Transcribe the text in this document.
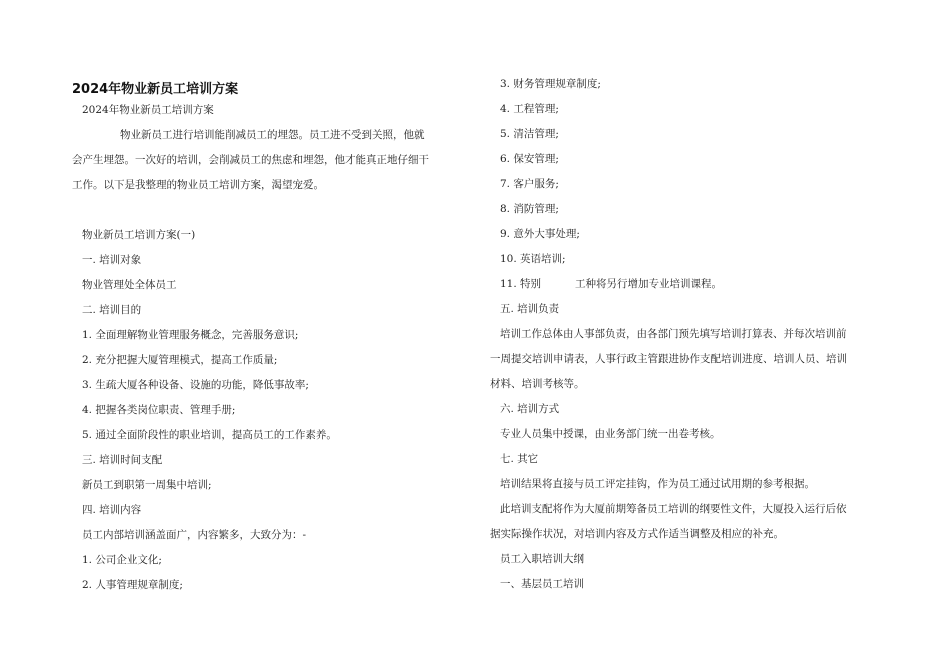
2024年物业新员工培训方案
2024年物业新员工培训方案
物业新员工进行培训能削减员工的埋怨。员工进不受到关照，他就
会产生埋怨。一次好的培训，会削减员工的焦虑和埋怨，他才能真正地仔细干
工作。以下是我整理的物业员工培训方案，渴望宠爱。
物业新员工培训方案(一)
一. 培训对象
物业管理处全体员工
二. 培训目的
1. 全面理解物业管理服务概念，完善服务意识;
2. 充分把握大厦管理模式，提高工作质量;
3. 生疏大厦各种设备、设施的功能，降低事故率;
4. 把握各类岗位职责、管理手册;
5. 通过全面阶段性的职业培训，提高员工的工作素养。
三. 培训时间支配
新员工到职第一周集中培训;
四. 培训内容
员工内部培训涵盖面广，内容繁多，大致分为：-
1. 公司企业文化;
2. 人事管理规章制度;
3. 财务管理规章制度;
4. 工程管理;
5. 清洁管理;
6. 保安管理;
7. 客户服务;
8. 消防管理;
9. 意外大事处理;
10. 英语培训;
11. 特别	工种将另行增加专业培训课程。
五. 培训负责
培训工作总体由人事部负责，由各部门预先填写培训打算表、并每次培训前
一周提交培训申请表，人事行政主管跟进协作支配培训进度、培训人员、培训
材料、培训考核等。
六. 培训方式
专业人员集中授课，由业务部门统一出卷考核。
七. 其它
培训结果将直接与员工评定挂钩，作为员工通过试用期的参考根据。
此培训支配将作为大厦前期筹备员工培训的纲要性文件，大厦投入运行后依
据实际操作状况，对培训内容及方式作适当调整及相应的补充。
员工入职培训大纲
一、基层员工培训
